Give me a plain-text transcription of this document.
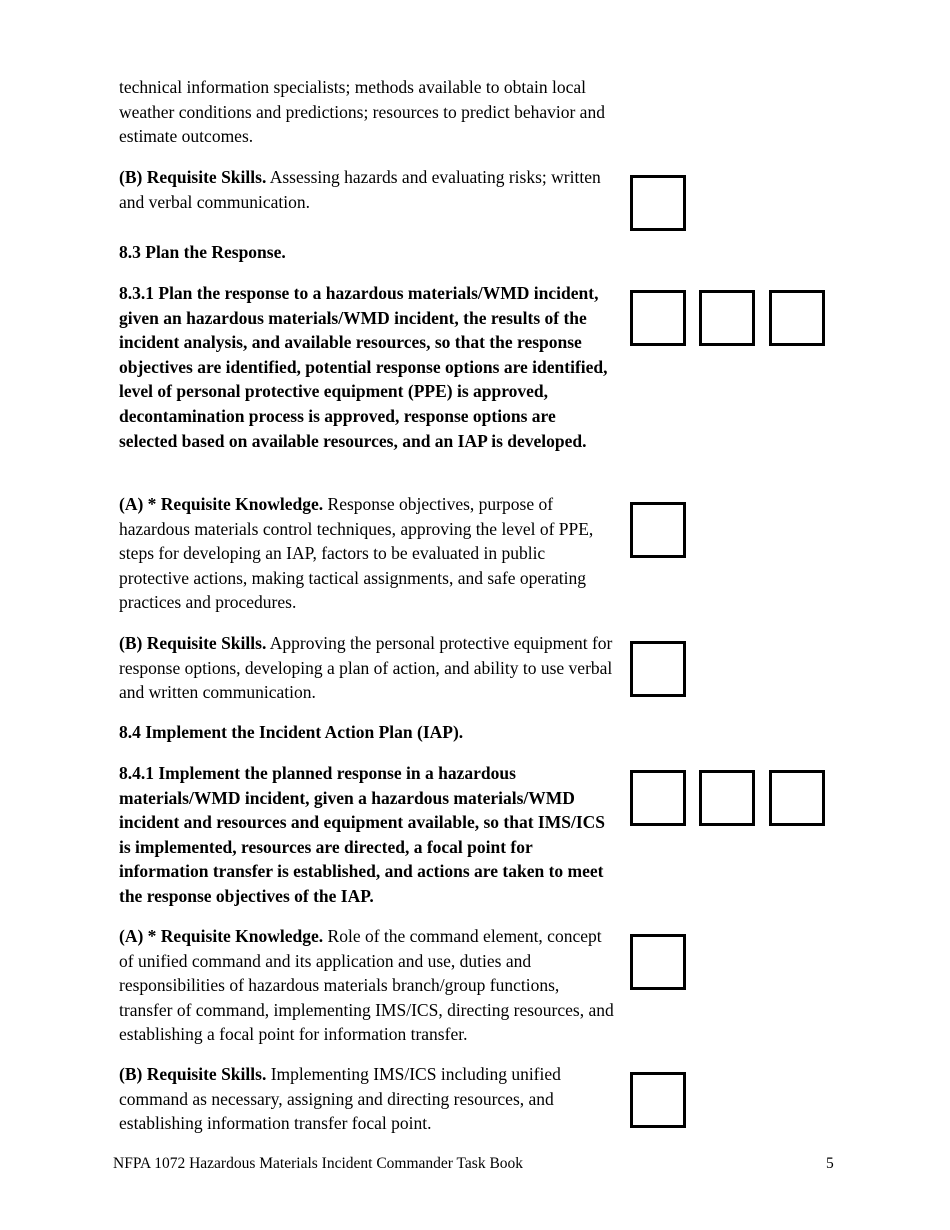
technical information specialists; methods available to obtain local weather conditions and predictions; resources to predict behavior and estimate outcomes.

(B) Requisite Skills. Assessing hazards and evaluating risks; written and verbal communication.

8.3 Plan the Response.

8.3.1 Plan the response to a hazardous materials/WMD incident, given an hazardous materials/WMD incident, the results of the incident analysis, and available resources, so that the response objectives are identified, potential response options are identified, level of personal protective equipment (PPE) is approved, decontamination process is approved, response options are selected based on available resources, and an IAP is developed.

(A) * Requisite Knowledge. Response objectives, purpose of hazardous materials control techniques, approving the level of PPE, steps for developing an IAP, factors to be evaluated in public protective actions, making tactical assignments, and safe operating practices and procedures.

(B) Requisite Skills. Approving the personal protective equipment for response options, developing a plan of action, and ability to use verbal and written communication.

8.4 Implement the Incident Action Plan (IAP).

8.4.1 Implement the planned response in a hazardous materials/WMD incident, given a hazardous materials/WMD incident and resources and equipment available, so that IMS/ICS is implemented, resources are directed, a focal point for information transfer is established, and actions are taken to meet the response objectives of the IAP.

(A) * Requisite Knowledge. Role of the command element, concept of unified command and its application and use, duties and responsibilities of hazardous materials branch/group functions, transfer of command, implementing IMS/ICS, directing resources, and establishing a focal point for information transfer.

(B) Requisite Skills. Implementing IMS/ICS including unified command as necessary, assigning and directing resources, and establishing information transfer focal point.

NFPA 1072 Hazardous Materials Incident Commander Task Book	5
